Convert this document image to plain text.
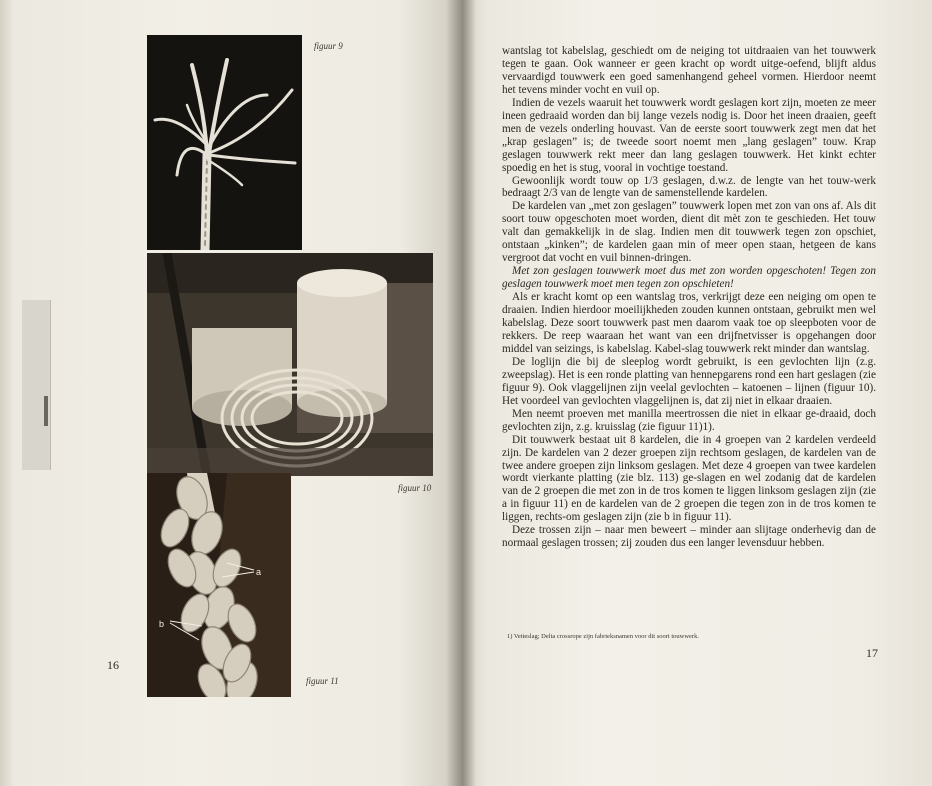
a
b
figuur 9
figuur 10
figuur 11
16

wantslag tot kabelslag, geschiedt om de neiging tot uitdraaien van het touwwerk tegen te gaan. Ook wanneer er geen kracht op wordt uitge-oefend, blijft aldus vervaardigd touwwerk een goed samenhangend geheel vormen. Hierdoor neemt het tevens minder vocht en vuil op.

Indien de vezels waaruit het touwwerk wordt geslagen kort zijn, moeten ze meer ineen gedraaid worden dan bij lange vezels nodig is. Door het ineen draaien, geeft men de vezels onderling houvast. Van de eerste soort touwwerk zegt men dat het „krap geslagen” is; de tweede soort noemt men „lang geslagen” touw. Krap geslagen touwwerk rekt meer dan lang geslagen touwwerk. Het kinkt echter spoedig en het is stug, vooral in vochtige toestand.

Gewoonlijk wordt touw op 1/3 geslagen, d.w.z. de lengte van het touw-werk bedraagt 2/3 van de lengte van de samenstellende kardelen.

De kardelen van „met zon geslagen” touwwerk lopen met zon van ons af. Als dit soort touw opgeschoten moet worden, dient dit mèt zon te geschieden. Het touw valt dan gemakkelijk in de slag. Indien men dit touwwerk tegen zon opschiet, ontstaan „kinken”; de kardelen gaan min of meer open staan, hetgeen de kans vergroot dat vocht en vuil binnen-dringen.

Met zon geslagen touwwerk moet dus met zon worden opgeschoten! Tegen zon geslagen touwwerk moet men tegen zon opschieten!

Als er kracht komt op een wantslag tros, verkrijgt deze een neiging om open te draaien. Indien hierdoor moeilijkheden zouden kunnen ontstaan, gebruikt men wel kabelslag. Deze soort touwwerk past men daarom vaak toe op sleepboten voor de rekkers. De reep waaraan het want van een drijfnetvisser is opgehangen door middel van seizings, is kabelslag. Kabel-slag touwwerk rekt minder dan wantslag.

De loglijn die bij de sleeplog wordt gebruikt, is een gevlochten lijn (z.g. zweepslag). Het is een ronde platting van hennepgarens rond een hart geslagen (zie figuur 9). Ook vlaggelijnen zijn veelal gevlochten – katoenen – lijnen (figuur 10). Het voordeel van gevlochten vlaggelijnen is, dat zij niet in elkaar draaien.

Men neemt proeven met manilla meertrossen die niet in elkaar ge-draaid, doch gevlochten zijn, z.g. kruisslag (zie figuur 11)1).

Dit touwwerk bestaat uit 8 kardelen, die in 4 groepen van 2 kardelen verdeeld zijn. De kardelen van 2 dezer groepen zijn rechtsom geslagen, de kardelen van de twee andere groepen zijn linksom geslagen. Met deze 4 groepen van twee kardelen wordt vierkante platting (zie blz. 113) ge-slagen en wel zodanig dat de kardelen van de 2 groepen die met zon in de tros komen te liggen linksom geslagen zijn (zie a in figuur 11) en de kardelen van de 2 groepen die tegen zon in de tros komen te liggen, rechts-om geslagen zijn (zie b in figuur 11).

Deze trossen zijn – naar men beweert – minder aan slijtage onderhevig dan de normaal geslagen trossen; zij zouden dus een langer levensduur hebben.

1) Vetteslag; Delta crossrope zijn fabrieksnamen voor dit soort touwwerk.
17
